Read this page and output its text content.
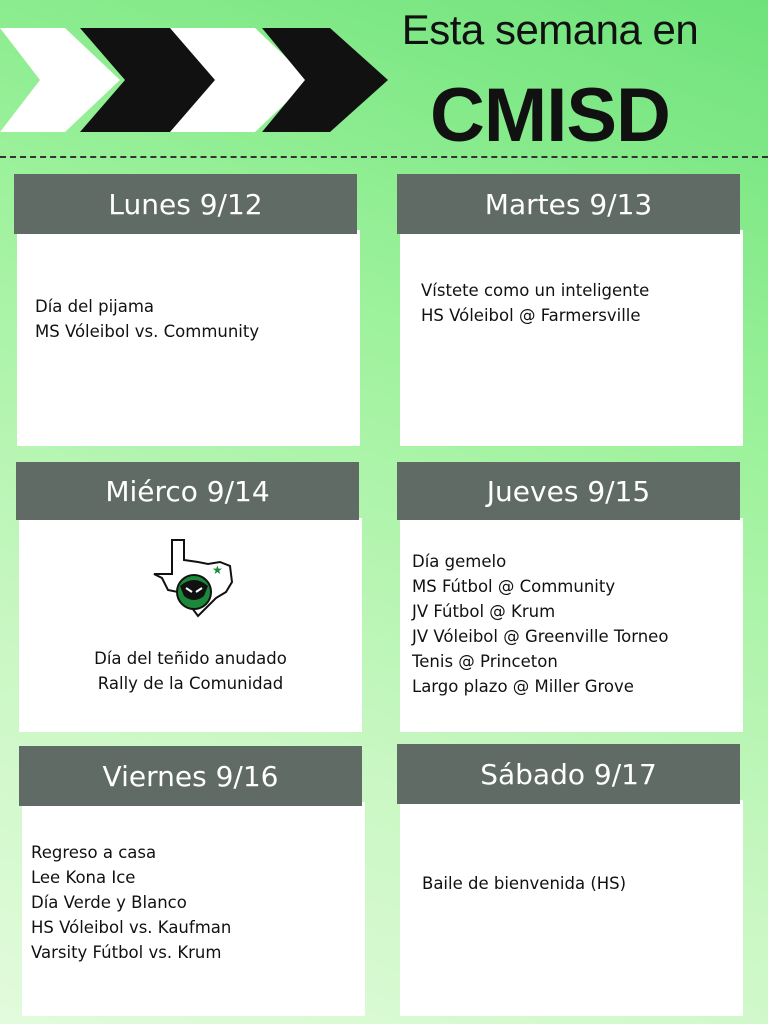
Esta semana en
CMISD
Lunes 9/12
Día del pijama
MS Vóleibol vs. Community
Martes 9/13
Vístete como un inteligente
HS Vóleibol @ Farmersville
Miérco 9/14
★
Día del teñido anudado
Rally de la Comunidad
Jueves 9/15
Día gemelo
MS Fútbol @ Community
JV Fútbol @ Krum
JV Vóleibol @ Greenville Torneo
Tenis @ Princeton
Largo plazo @ Miller Grove
Viernes 9/16
Regreso a casa
Lee Kona Ice
Día Verde y Blanco
HS Vóleibol vs. Kaufman
Varsity Fútbol vs. Krum
Sábado 9/17
Baile de bienvenida (HS)
